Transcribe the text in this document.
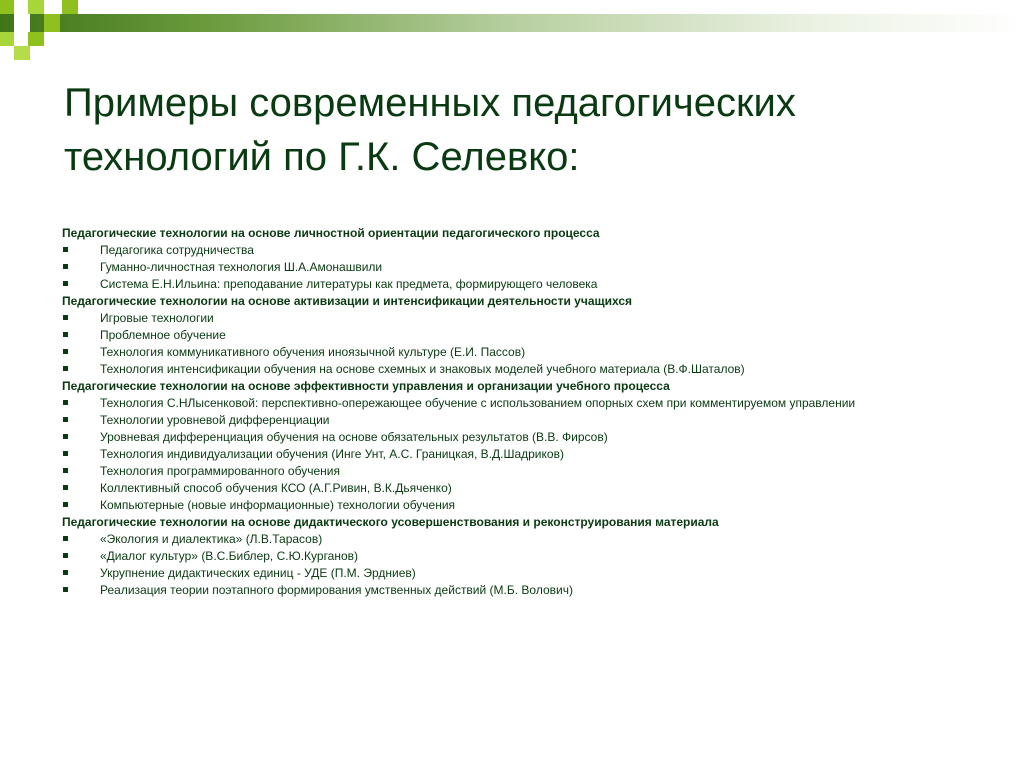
Примеры современных педагогических технологий по Г.К. Селевко:

Педагогические технологии на основе личностной ориентации педагогического процесса

Педагогика сотрудничества
Гуманно-личностная технология Ш.А.Амонашвили
Система Е.Н.Ильина: преподавание литературы как предмета, формирующего человека

Педагогические технологии на основе активизации и интенсификации деятельности учащихся

Игровые технологии
Проблемное обучение
Технология коммуникативного обучения иноязычной культуре (Е.И. Пассов)
Технология интенсификации обучения на основе схемных и знаковых моделей учебного материала (В.Ф.Шаталов)

Педагогические технологии на основе эффективности управления и организации учебного процесса

Технология С.НЛысенковой: перспективно-опережающее обучение с использованием опорных схем при комментируемом управлении
Технологии уровневой дифференциации
Уровневая дифференциация обучения на основе обязательных результатов (В.В. Фирсов)
Технология индивидуализации обучения (Инге Унт, А.С. Границкая, В.Д.Шадриков)
Технология программированного обучения
Коллективный способ обучения КСО (А.Г.Ривин, В.К.Дьяченко)
Компьютерные (новые информационные) технологии обучения

Педагогические технологии на основе дидактического усовершенствования и реконструирования материала

«Экология и диалектика» (Л.В.Тарасов)
«Диалог культур» (В.С.Библер, С.Ю.Курганов)
Укрупнение дидактических единиц - УДЕ (П.М. Эрдниев)
Реализация теории поэтапного формирования умственных действий (М.Б. Волович)
